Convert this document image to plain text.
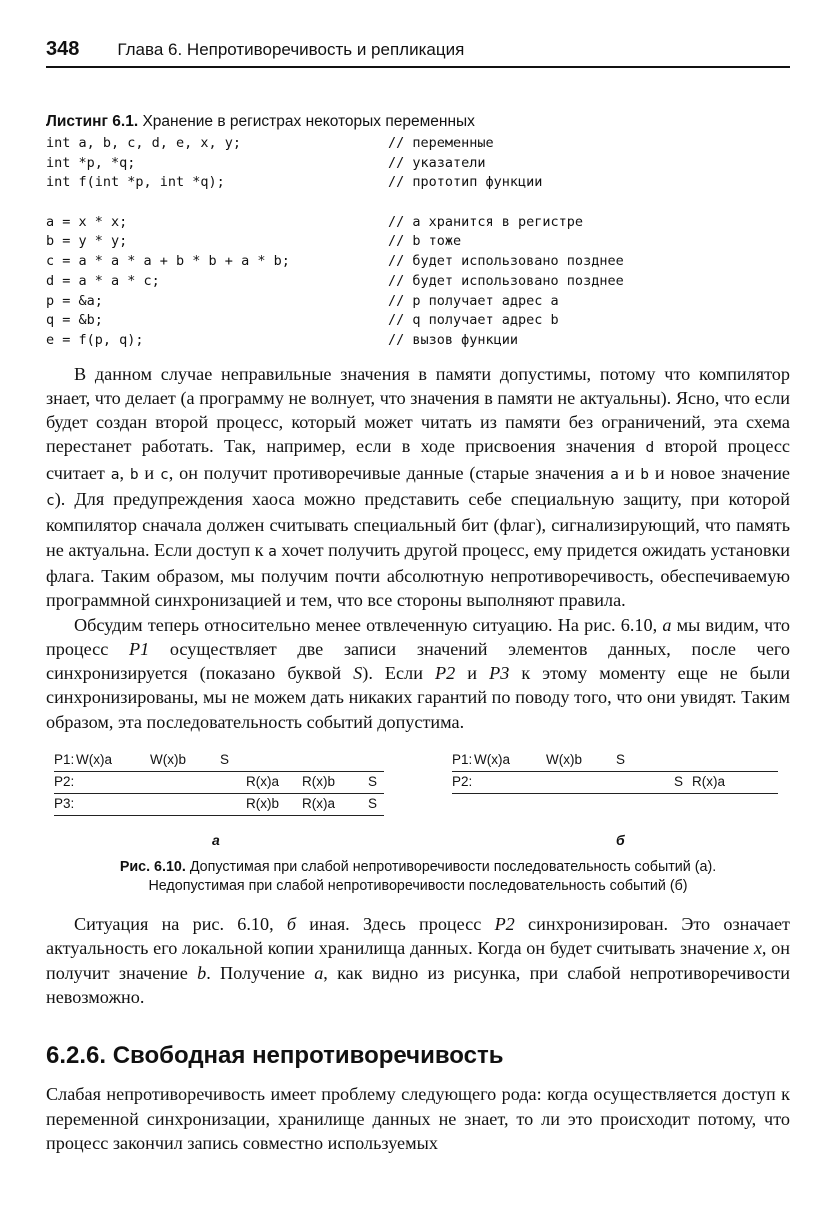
348 Глава 6. Непротиворечивость и репликация
Листинг 6.1. Хранение в регистрах некоторых переменных
int a, b, c, d, e, x, y;	// переменные
int *p, *q;	// указатели
int f(int *p, int *q);	// прототип функции
a = x * x;	// a хранится в регистре
b = y * y;	// b тоже
c = a * a * a + b * b + a * b;	// будет использовано позднее
d = a * a * c;	// будет использовано позднее
p = &a;	// p получает адрес a
q = &b;	// q получает адрес b
e = f(p, q);	// вызов функции

В данном случае неправильные значения в памяти допустимы, потому что компилятор знает, что делает (а программу не волнует, что значения в памяти не актуальны). Ясно, что если будет создан второй процесс, который может читать из памяти без ограничений, эта схема перестанет работать. Так, например, если в ходе присвоения значения d второй процесс считает a, b и c, он получит противоречивые данные (старые значения a и b и новое значение c). Для предупреждения хаоса можно представить себе специальную защиту, при которой компилятор сначала должен считывать специальный бит (флаг), сигнализирующий, что память не актуальна. Если доступ к a хочет получить другой процесс, ему придется ожидать установки флага. Таким образом, мы получим почти абсолютную непротиворечивость, обеспечиваемую программной синхронизацией и тем, что все стороны выполняют правила.

Обсудим теперь относительно менее отвлеченную ситуацию. На рис. 6.10, а мы видим, что процесс P1 осуществляет две записи значений элементов данных, после чего синхронизируется (показано буквой S). Если P2 и P3 к этому моменту еще не были синхронизированы, мы не можем дать никаких гарантий по поводу того, что они увидят. Таким образом, эта последовательность событий допустима.

P1: W(x)a	W(x)b	S
P2:	R(x)a R(x)b S
P3:	R(x)b R(x)a S
а
P1: W(x)a	W(x)b	S
P2:	S R(x)a
б
Рис. 6.10. Допустимая при слабой непротиворечивости последовательность событий (а).
Недопустимая при слабой непротиворечивости последовательность событий (б)

Ситуация на рис. 6.10, б иная. Здесь процесс P2 синхронизирован. Это означает актуальность его локальной копии хранилища данных. Когда он будет считывать значение x, он получит значение b. Получение a, как видно из рисунка, при слабой непротиворечивости невозможно.

6.2.6. Свободная непротиворечивость

Слабая непротиворечивость имеет проблему следующего рода: когда осуществляется доступ к переменной синхронизации, хранилище данных не знает, то ли это происходит потому, что процесс закончил запись совместно используемых
